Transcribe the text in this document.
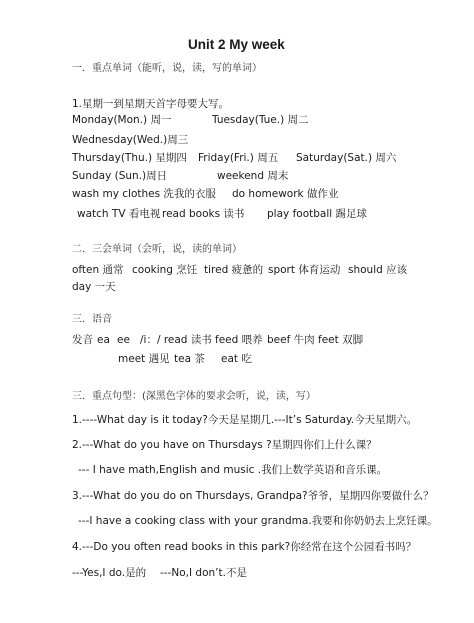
Unit 2 My week
一．重点单词（能听，说，读，写的单词）
1.星期一到星期天首字母要大写。
Monday(Mon.) 周一	Tuesday(Tue.) 周二
Wednesday(Wed.)周三
Thursday(Thu.) 星期四 Friday(Fri.) 周五 Saturday(Sat.) 周六
Sunday (Sun.)周日	weekend 周末
wash my clothes 洗我的衣服 do homework 做作业
watch TV 看电视 read books 读书 play football 踢足球
二．三会单词（会听，说，读的单词）
often 通常 cooking 烹饪 tired 疲惫的 sport 体育运动 should 应该
day 一天
三．语音
发音 ea ee /i：/ read 读书 feed 喂养 beef 牛肉 feet 双脚
meet 遇见 tea 茶 eat 吃
三．重点句型：(深黑色字体的要求会听，说，读，写）
1.----What day is it today?今天是星期几.---It’s Saturday.今天星期六。
2.---What do you have on Thursdays ?星期四你们上什么课？
--- I have math,English and music .我们上数学英语和音乐课。
3.---What do you do on Thursdays, Grandpa?爷爷，星期四你要做什么？
---I have a cooking class with your grandma.我要和你奶奶去上烹饪课。
4.---Do you often read books in this park?你经常在这个公园看书吗？
---Yes,I do.是的 ---No,I don’t.不是
